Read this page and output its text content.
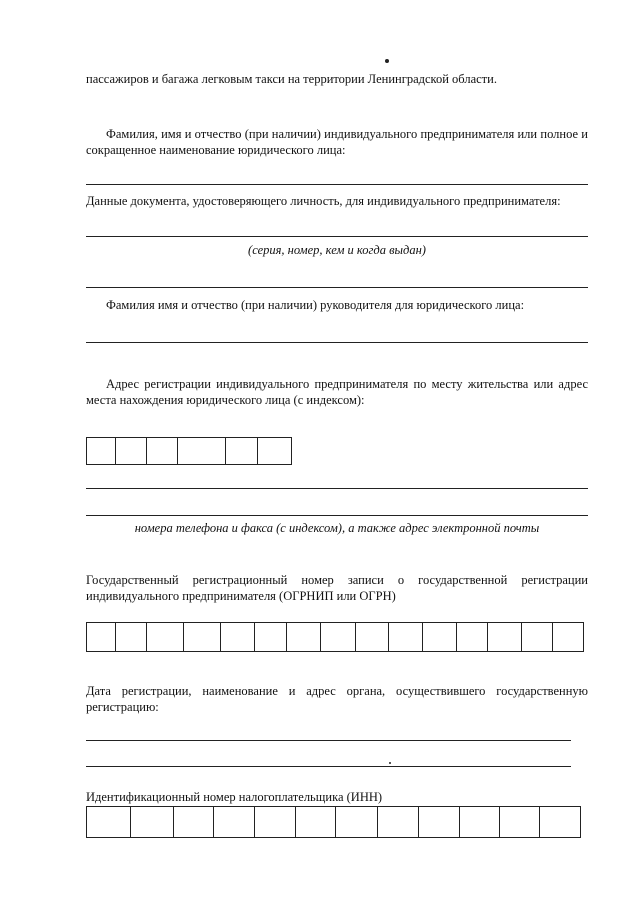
пассажиров и багажа легковым такси на территории Ленинградской области.
Фамилия, имя и отчество (при наличии) индивидуального предпринимателя или полное и сокращенное наименование юридического лица:
Данные документа, удостоверяющего личность, для индивидуального предпринимателя:
(серия, номер, кем и когда выдан)
Фамилия имя и отчество (при наличии) руководителя для юридического лица:
Адрес регистрации индивидуального предпринимателя по месту жительства или адрес места нахождения юридического лица (с индексом):
номера телефона и факса (с индексом), а также адрес электронной почты
Государственный регистрационный номер записи о государственной регистрации индивидуального предпринимателя (ОГРНИП или ОГРН)
Дата регистрации, наименование и адрес органа, осуществившего государственную регистрацию:
Идентификационный номер налогоплательщика (ИНН)
